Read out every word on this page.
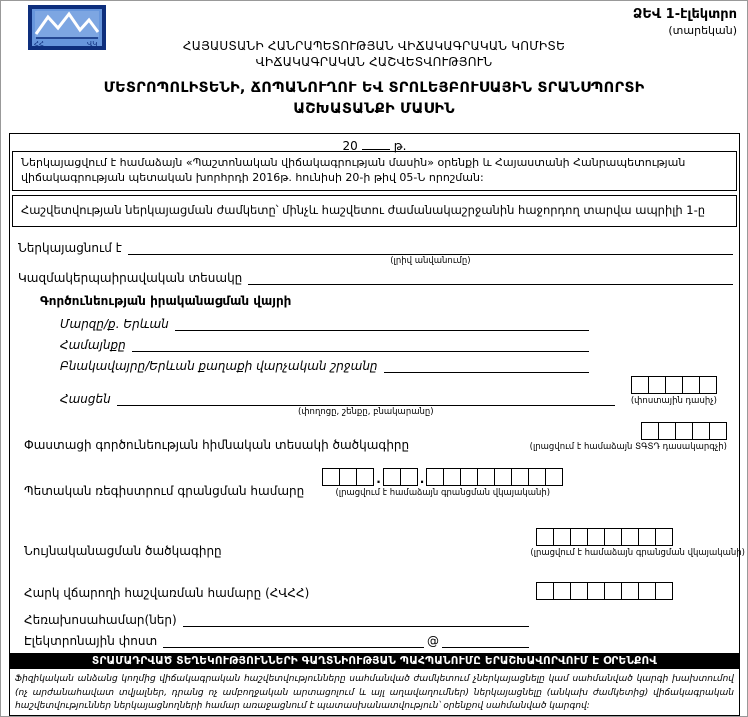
ՀՀ	ՎԿ
ՁԵՎ 1-էլեկտրո
(տարեկան)
ՀԱՅԱՍՏԱՆԻ ՀԱՆՐԱՊԵՏՈՒԹՅԱՆ ՎԻՃԱԿԱԳՐԱԿԱՆ ԿՈՄԻՏԵ
ՎԻՃԱԿԱԳՐԱԿԱՆ ՀԱՇՎԵՏՎՈՒԹՅՈՒՆ
ՄԵՏՐՈՊՈԼԻՏԵՆԻ, ՃՈՊԱՆՈՒՂՈՒ ԵՎ ՏՐՈԼԵՅԲՈՒՍԱՅԻՆ ՏՐԱՆՍՊՈՐՏԻ
ԱՇԽԱՏԱՆՔԻ ՄԱՍԻՆ
20	թ.
Ներկայացվում է համաձայն «Պաշտոնական վիճակագրության մասին» օրենքի և Հայաստանի Հանրապետության վիճակագրության պետական խորհրդի 2016թ. հունիսի 20-ի թիվ 05-Ն որոշման:
Հաշվետվության ներկայացման ժամկետը՝ մինչև հաշվետու ժամանակաշրջանին հաջորդող տարվա ապրիլի 1-ը
Ներկայացնում է
(լրիվ անվանումը)
Կազմակերպաիրավական տեսակը
Գործունեության իրականացման վայրի
Մարզը/ք. Երևան
Համայնքը
Բնակավայրը/Երևան քաղաքի վարչական շրջանը
Հասցեն
(փողոցը, շենքը, բնակարանը)
(փոստային դասիչ)
Փաստացի գործունեության հիմնական տեսակի ծածկագիրը	(լրացվում է համաձայն ՏԳՏԴ դասակարգչի)
Պետական ռեգիստրում գրանցման համարը
.	.
(լրացվում է համաձայն գրանցման վկայականի)
Նույնականացման ծածկագիրը	(լրացվում է համաձայն գրանցման վկայականի)
Հարկ վճարողի հաշվառման համարը (ՀՎՀՀ)
Հեռախոսահամար(ներ)
Էլեկտրոնային փոստ	@
ՏՐԱՄԱԴՐՎԱԾ ՏԵՂԵԿՈՒԹՅՈՒՆՆԵՐԻ ԳԱՂՏՆԻՈՒԹՅԱՆ ՊԱՀՊԱՆՈՒՄԸ ԵՐԱՇԽԱՎՈՐՎՈՒՄ Է ՕՐԵՆՔՈՎ
Ֆիզիկական անձանց կողմից վիճակագրական հաշվետվությունները սահմանված ժամկետում չներկայացնելը կամ սահմանված կարգի խախտումով (ոչ արժանահավատ տվյալներ, դրանց ոչ ամբողջական արտացոլում և այլ աղավաղումներ) ներկայացնելը (անկախ ժամկետից) վիճակագրական հաշվետվություններ ներկայացնողների համար առաջացնում է պատասխանատվություն՝ օրենքով սահմանված կարգով:
